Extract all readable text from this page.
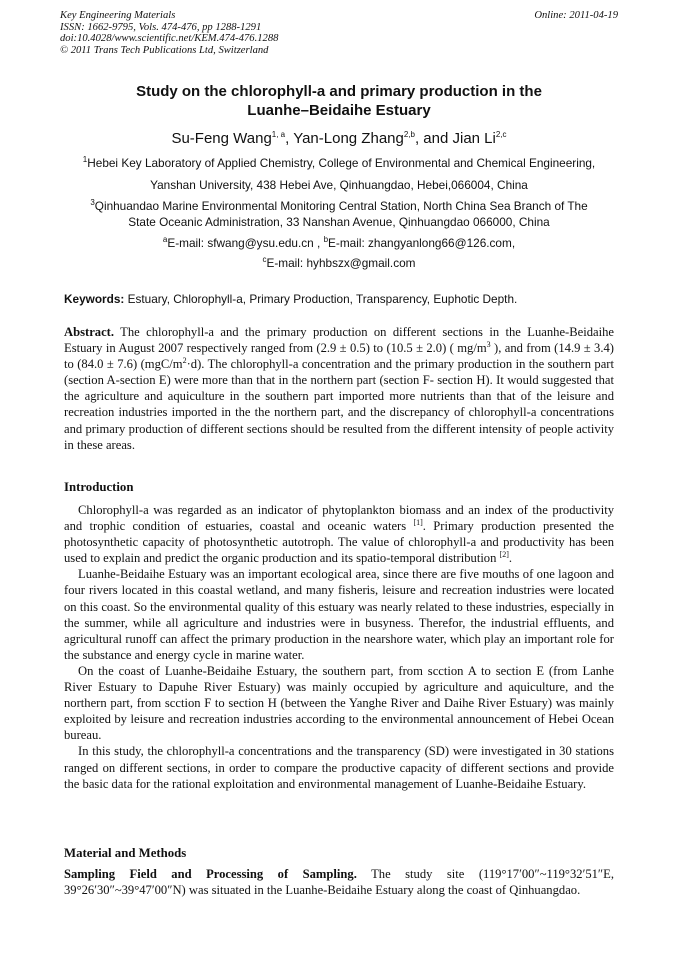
Key Engineering Materials
ISSN: 1662-9795, Vols. 474-476, pp 1288-1291
doi:10.4028/www.scientific.net/KEM.474-476.1288
© 2011 Trans Tech Publications Ltd, Switzerland
Online: 2011-04-19
Study on the chlorophyll-a and primary production in the
Luanhe–Beidaihe Estuary
Su-Feng Wang$^{1, a}$, Yan-Long Zhang$^{2,b}$, and Jian Li$^{2,c}$
$^1$Hebei Key Laboratory of Applied Chemistry, College of Environmental and Chemical Engineering,
Yanshan University, 438 Hebei Ave, Qinhuangdao, Hebei,066004, China
$^3$Qinhuandao Marine Environmental Monitoring Central Station, North China Sea Branch of The
State Oceanic Administration, 33 Nanshan Avenue, Qinhuangdao 066000, China
$^a$E-mail: sfwang@ysu.edu.cn , $^b$E-mail: zhangyanlong66@126.com,
$^c$E-mail: hyhbszx@gmail.com
Keywords: Estuary, Chlorophyll-a, Primary Production, Transparency, Euphotic Depth.

Abstract. The chlorophyll-a and the primary production on different sections in the Luanhe-Beidaihe Estuary in August 2007 respectively ranged from (2.9 ± 0.5) to (10.5 ± 2.0) ( $mg/m^3$ ), and from (14.9 ± 3.4) to (84.0 ± 7.6) $(mgC/m^2\cdot d)$. The chlorophyll-a concentration and the primary production in the southern part (section A-section E) were more than that in the northern part (section F- section H). It would suggested that the agriculture and aquiculture in the southern part imported more nutrients than that of the leisure and recreation industries imported in the the northern part, and the discrepancy of chlorophyll-a concentrations and primary production of different sections should be resulted from the different intensity of people activity in these areas.

Introduction

Chlorophyll-a was regarded as an indicator of phytoplankton biomass and an index of the productivity and trophic condition of estuaries, coastal and oceanic waters [1]. Primary production presented the photosynthetic capacity of photosynthetic autotroph. The value of chlorophyll-a and productivity has been used to explain and predict the organic production and its spatio-temporal distribution [2].

Luanhe-Beidaihe Estuary was an important ecological area, since there are five mouths of one lagoon and four rivers located in this coastal wetland, and many fisheris, leisure and recreation industries were located on this coast. So the environmental quality of this estuary was nearly related to these industries, especially in the summer, while all agriculture and industries were in busyness. Therefor, the industrial effluents, and agricultural runoff can affect the primary production in the nearshore water, which play an important role for the substance and energy cycle in marine water.

On the coast of Luanhe-Beidaihe Estuary, the southern part, from scction A to section E (from Lanhe River Estuary to Dapuhe River Estuary) was mainly occupied by agriculture and aquiculture, and the northern part, from scction F to section H (between the Yanghe River and Daihe River Estuary) was mainly exploited by leisure and recreation industries according to the environmental announcement of Hebei Ocean bureau.

In this study, the chlorophyll-a concentrations and the transparency (SD) were investigated in 30 stations ranged on different sections, in order to compare the productive capacity of different sections and provide the basic data for the rational exploitation and environmental management of Luanhe-Beidaihe Estuary.

Material and Methods

Sampling Field and Processing of Sampling. The study site (119°17′00″~119°32′51″E, 39°26′30″~39°47′00″N) was situated in the Luanhe-Beidaihe Estuary along the coast of Qinhuangdao.
